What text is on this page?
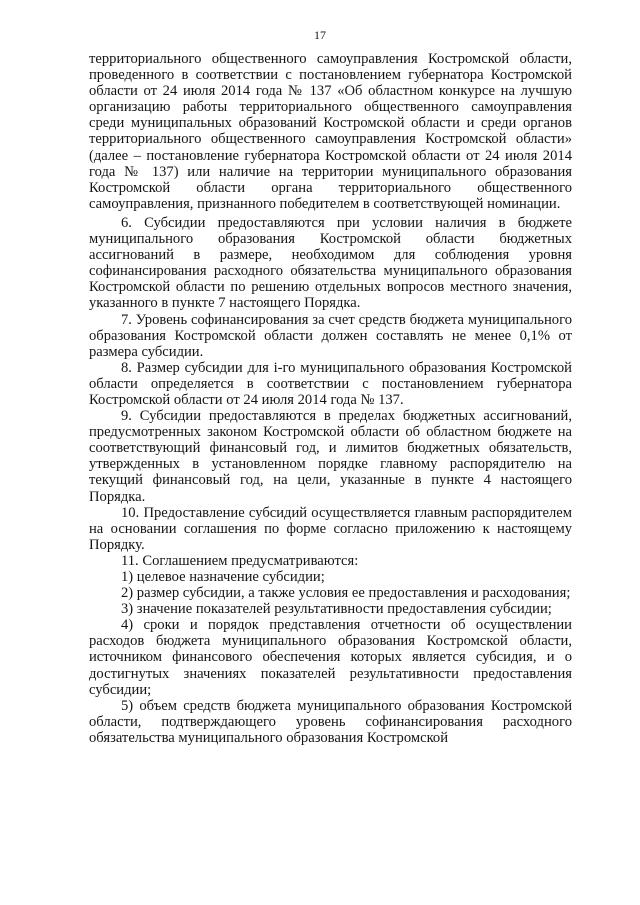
17

территориального общественного самоуправления Костромской области, проведенного в соответствии с постановлением губернатора Костромской области от 24 июля 2014 года № 137 «Об областном конкурсе на лучшую организацию работы территориального общественного самоуправления среди муниципальных образований Костромской области и среди органов территориального общественного самоуправления Костромской области» (далее – постановление губернатора Костромской области от 24 июля 2014 года № 137) или наличие на территории муниципального образования Костромской области органа территориального общественного самоуправления, признанного победителем в соответствующей номинации.

6. Субсидии предоставляются при условии наличия в бюджете муниципального образования Костромской области бюджетных ассигнований в размере, необходимом для соблюдения уровня софинансирования расходного обязательства муниципального образования Костромской области по решению отдельных вопросов местного значения, указанного в пункте 7 настоящего Порядка.

7. Уровень софинансирования за счет средств бюджета муниципального образования Костромской области должен составлять не менее 0,1% от размера субсидии.

8. Размер субсидии для i-го муниципального образования Костромской области определяется в соответствии с постановлением губернатора Костромской области от 24 июля 2014 года № 137.

9. Субсидии предоставляются в пределах бюджетных ассигнований, предусмотренных законом Костромской области об областном бюджете на соответствующий финансовый год, и лимитов бюджетных обязательств, утвержденных в установленном порядке главному распорядителю на текущий финансовый год, на цели, указанные в пункте 4 настоящего Порядка.

10. Предоставление субсидий осуществляется главным распорядителем на основании соглашения по форме согласно приложению к настоящему Порядку.

11. Соглашением предусматриваются:

1) целевое назначение субсидии;

2) размер субсидии, а также условия ее предоставления и расходования;

3) значение показателей результативности предоставления субсидии;

4) сроки и порядок представления отчетности об осуществлении расходов бюджета муниципального образования Костромской области, источником финансового обеспечения которых является субсидия, и о достигнутых значениях показателей результативности предоставления субсидии;

5) объем средств бюджета муниципального образования Костромской области, подтверждающего уровень софинансирования расходного обязательства муниципального образования Костромской
